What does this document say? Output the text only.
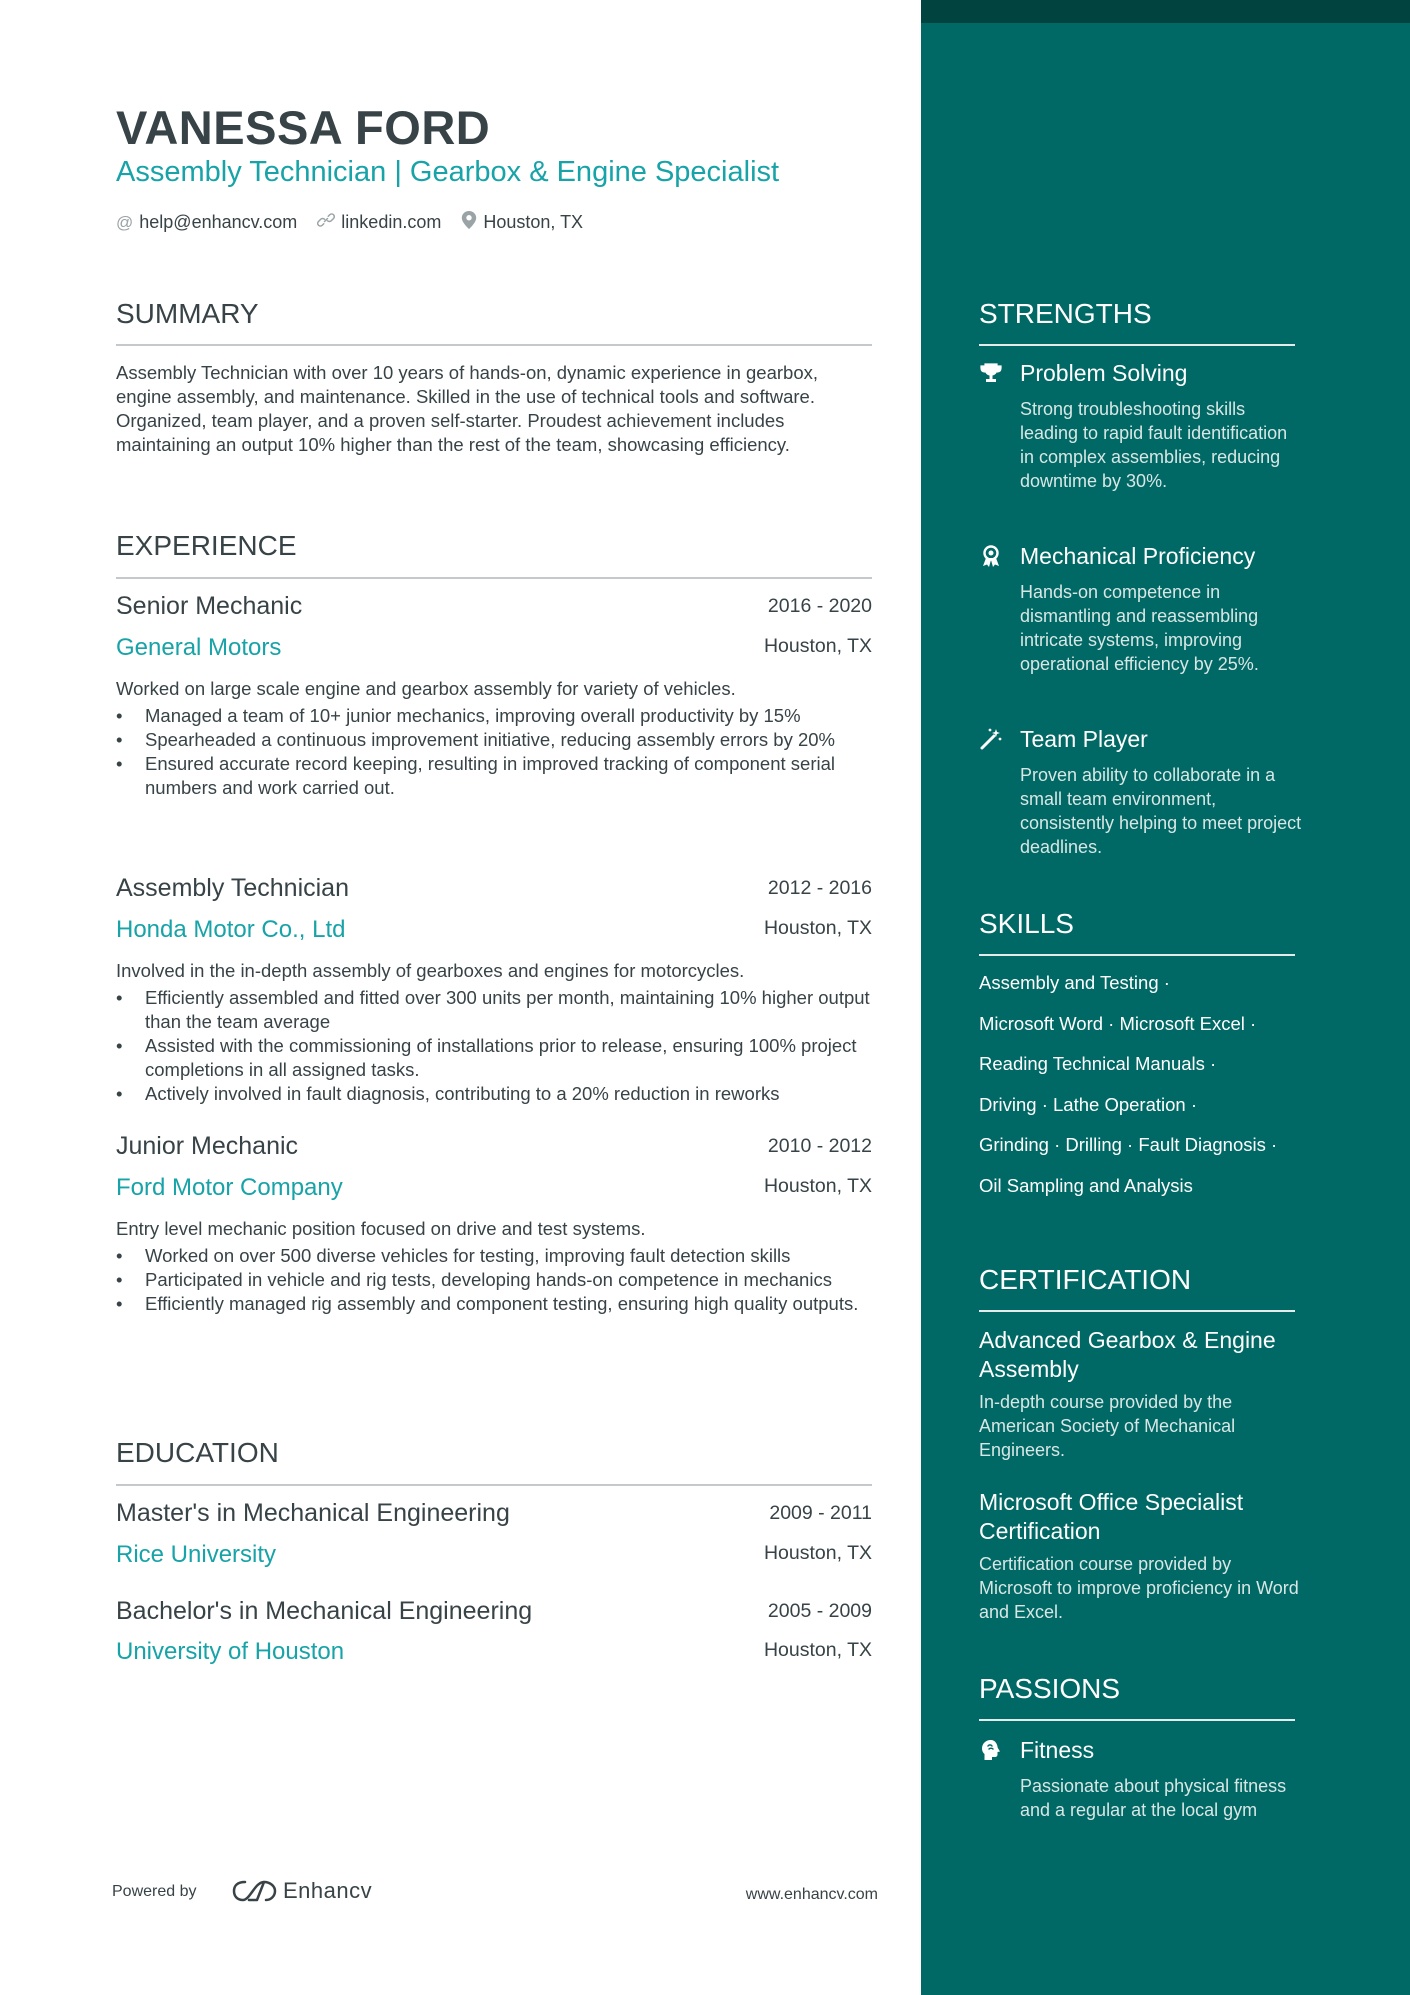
VANESSA FORD
Assembly Technician | Gearbox & Engine Specialist
@ help@enhancv.com linkedin.com Houston, TX
SUMMARY
Assembly Technician with over 10 years of hands-on, dynamic experience in gearbox, engine assembly, and maintenance. Skilled in the use of technical tools and software. Organized, team player, and a proven self-starter. Proudest achievement includes maintaining an output 10% higher than the rest of the team, showcasing efficiency.
EXPERIENCE
Senior Mechanic	2016 - 2020
General Motors	Houston, TX
Worked on large scale engine and gearbox assembly for variety of vehicles.
• Managed a team of 10+ junior mechanics, improving overall productivity by 15%
• Spearheaded a continuous improvement initiative, reducing assembly errors by 20%
• Ensured accurate record keeping, resulting in improved tracking of component serial numbers and work carried out.
Assembly Technician	2012 - 2016
Honda Motor Co., Ltd	Houston, TX
Involved in the in-depth assembly of gearboxes and engines for motorcycles.
• Efficiently assembled and fitted over 300 units per month, maintaining 10% higher output than the team average
• Assisted with the commissioning of installations prior to release, ensuring 100% project completions in all assigned tasks.
• Actively involved in fault diagnosis, contributing to a 20% reduction in reworks
Junior Mechanic	2010 - 2012
Ford Motor Company	Houston, TX
Entry level mechanic position focused on drive and test systems.
• Worked on over 500 diverse vehicles for testing, improving fault detection skills
• Participated in vehicle and rig tests, developing hands-on competence in mechanics
• Efficiently managed rig assembly and component testing, ensuring high quality outputs.
EDUCATION
Master's in Mechanical Engineering	2009 - 2011
Rice University	Houston, TX
Bachelor's in Mechanical Engineering	2005 - 2009
University of Houston	Houston, TX
Powered by	Enhancv	www.enhancv.com
STRENGTHS
Problem Solving
Strong troubleshooting skills leading to rapid fault identification in complex assemblies, reducing downtime by 30%.
Mechanical Proficiency
Hands-on competence in dismantling and reassembling intricate systems, improving operational efficiency by 25%.
Team Player
Proven ability to collaborate in a small team environment, consistently helping to meet project deadlines.
SKILLS
Assembly and Testing ·
Microsoft Word · Microsoft Excel ·
Reading Technical Manuals ·
Driving · Lathe Operation ·
Grinding · Drilling · Fault Diagnosis ·
Oil Sampling and Analysis
CERTIFICATION
Advanced Gearbox & Engine Assembly
In-depth course provided by the American Society of Mechanical Engineers.
Microsoft Office Specialist Certification
Certification course provided by Microsoft to improve proficiency in Word and Excel.
PASSIONS
Fitness
Passionate about physical fitness and a regular at the local gym
